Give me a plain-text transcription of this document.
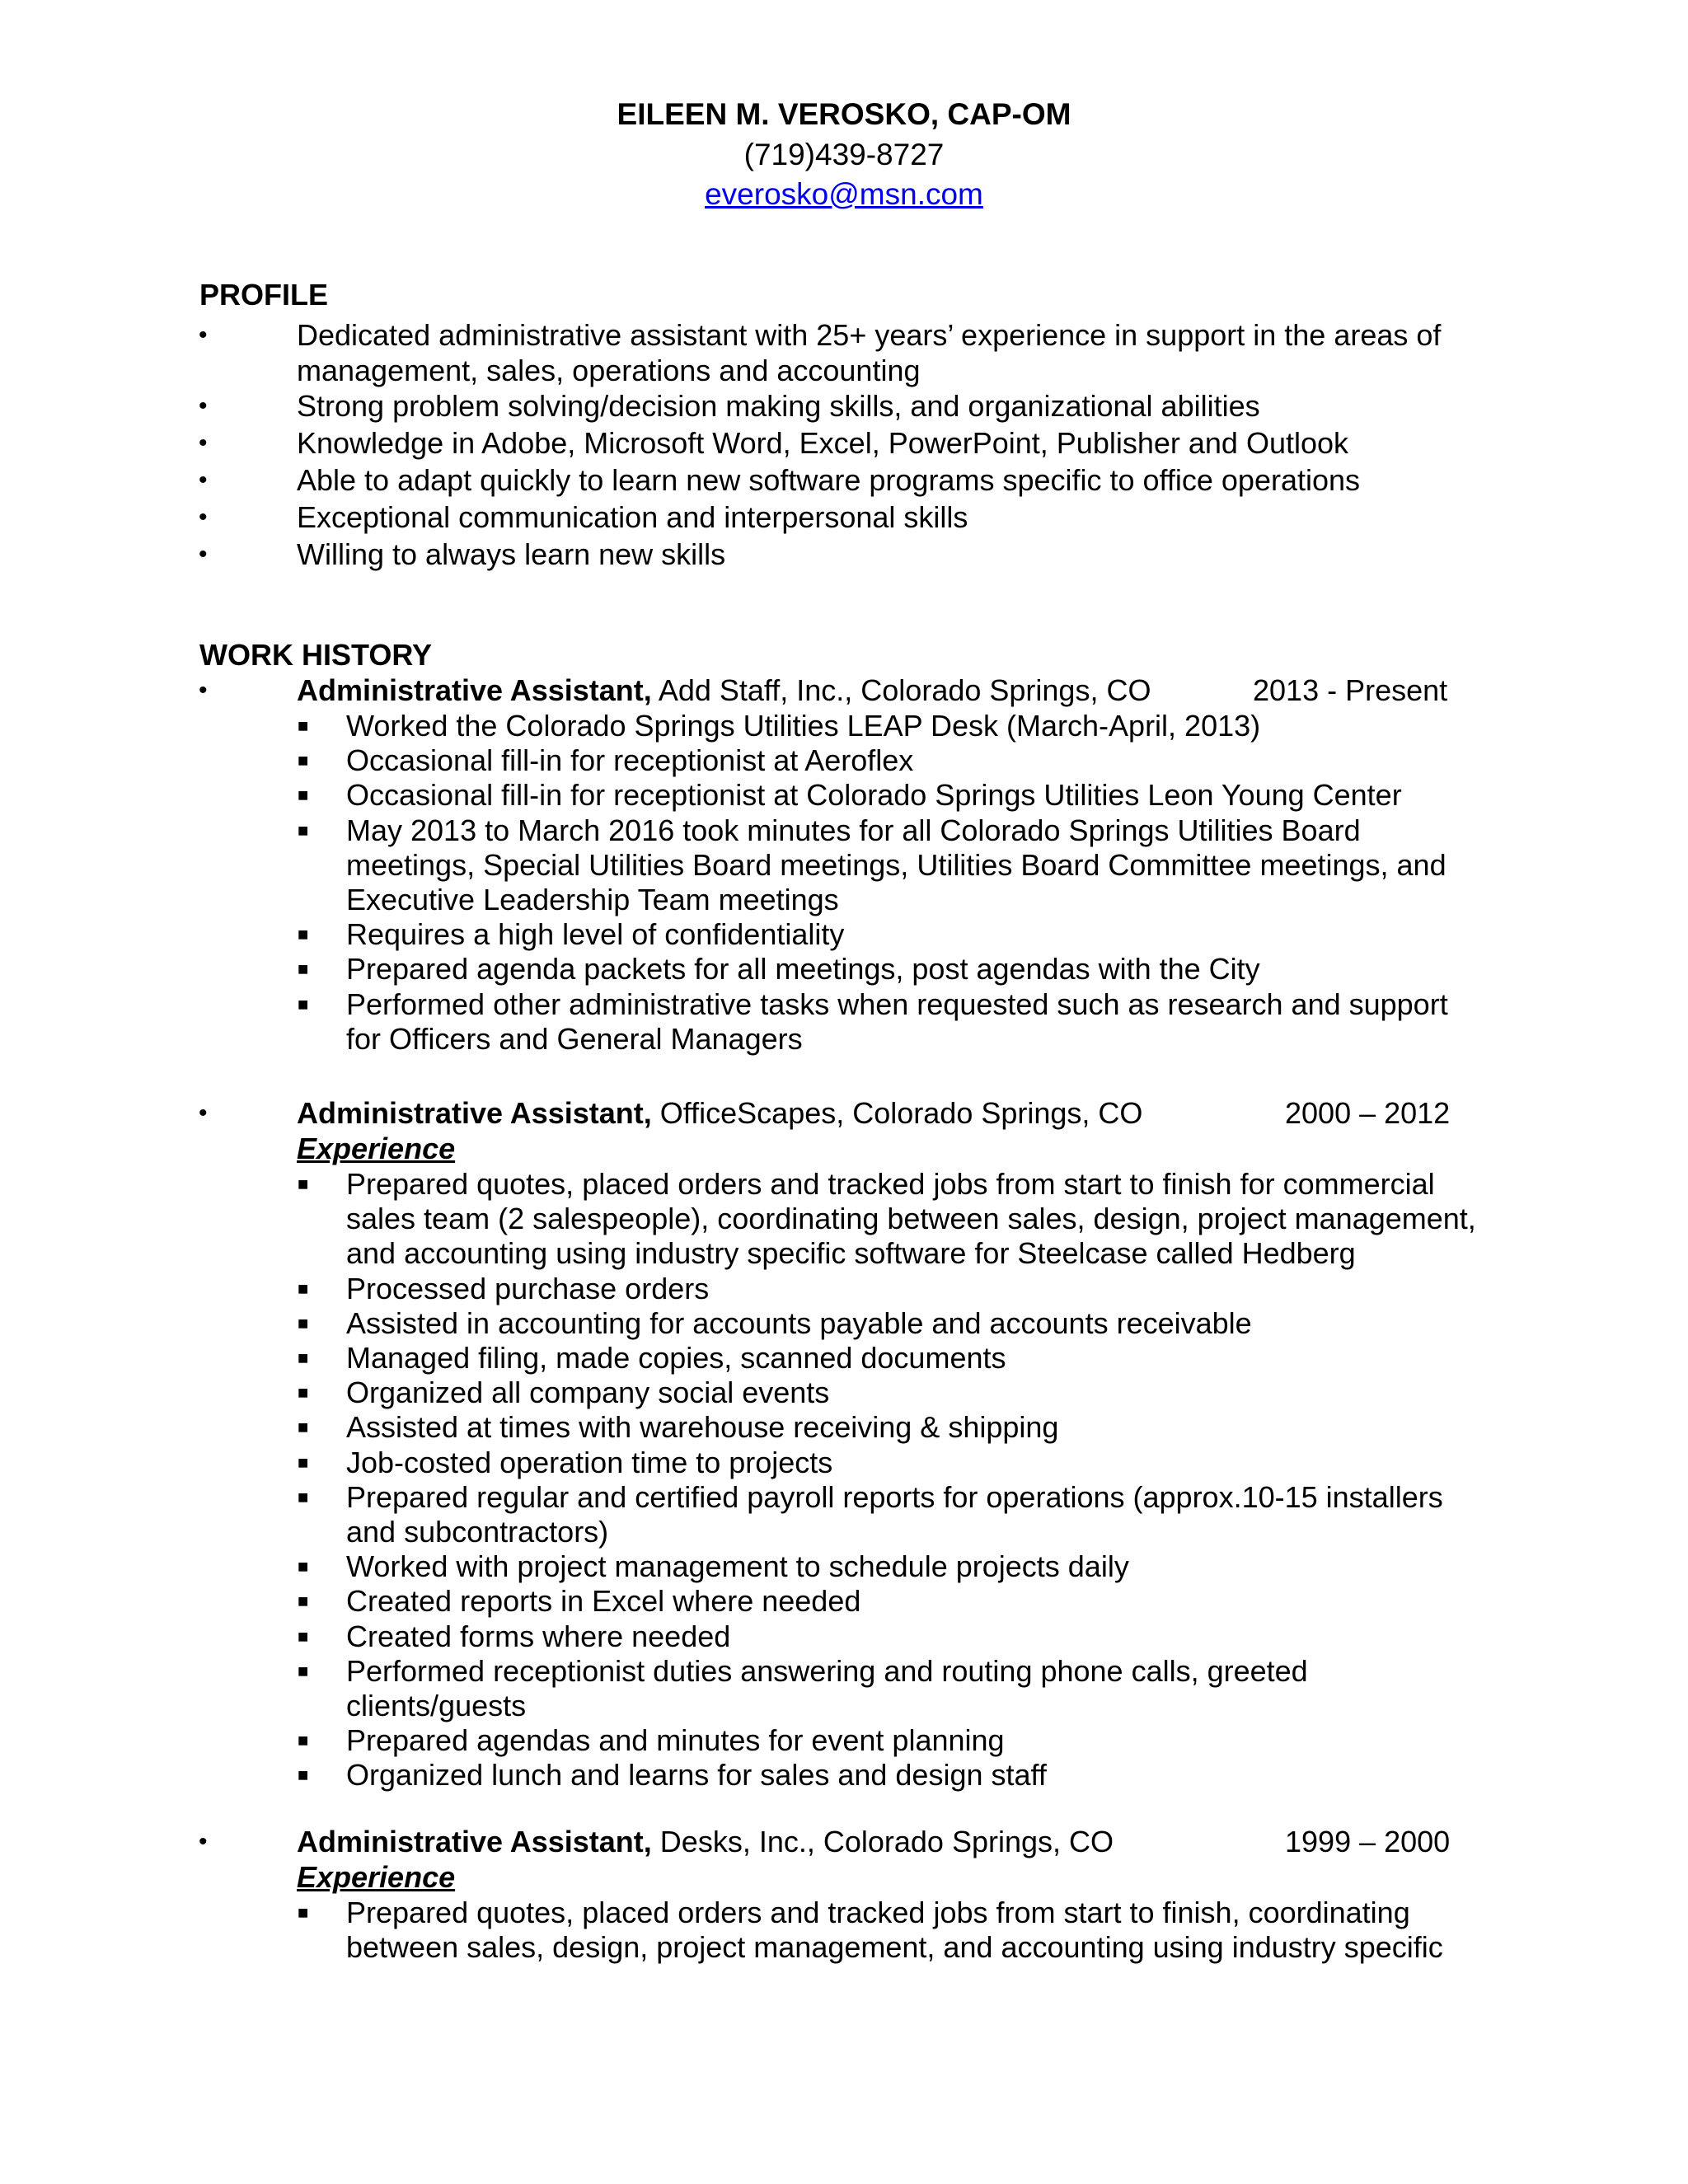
EILEEN M. VEROSKO, CAP-OM
(719)439-8727
everosko@msn.com
PROFILE
•	Dedicated administrative assistant with 25+ years’ experience in support in the areas of
management, sales, operations and accounting
•	Strong problem solving/decision making skills, and organizational abilities
•	Knowledge in Adobe, Microsoft Word, Excel, PowerPoint, Publisher and Outlook
•	Able to adapt quickly to learn new software programs specific to office operations
•	Exceptional communication and interpersonal skills
•	Willing to always learn new skills
WORK HISTORY
•	Administrative Assistant, Add Staff, Inc., Colorado Springs, CO	2013 - Present
■ Worked the Colorado Springs Utilities LEAP Desk (March-April, 2013)
■ Occasional fill-in for receptionist at Aeroflex
■ Occasional fill-in for receptionist at Colorado Springs Utilities Leon Young Center
■ May 2013 to March 2016 took minutes for all Colorado Springs Utilities Board
meetings, Special Utilities Board meetings, Utilities Board Committee meetings, and
Executive Leadership Team meetings
■ Requires a high level of confidentiality
■ Prepared agenda packets for all meetings, post agendas with the City
■ Performed other administrative tasks when requested such as research and support
for Officers and General Managers
•	Administrative Assistant, OfficeScapes, Colorado Springs, CO	2000 – 2012
Experience
■ Prepared quotes, placed orders and tracked jobs from start to finish for commercial
sales team (2 salespeople), coordinating between sales, design, project management,
and accounting using industry specific software for Steelcase called Hedberg
■ Processed purchase orders
■ Assisted in accounting for accounts payable and accounts receivable
■ Managed filing, made copies, scanned documents
■ Organized all company social events
■ Assisted at times with warehouse receiving & shipping
■ Job-costed operation time to projects
■ Prepared regular and certified payroll reports for operations (approx.10-15 installers
and subcontractors)
■ Worked with project management to schedule projects daily
■ Created reports in Excel where needed
■ Created forms where needed
■ Performed receptionist duties answering and routing phone calls, greeted
clients/guests
■ Prepared agendas and minutes for event planning
■ Organized lunch and learns for sales and design staff
•	Administrative Assistant, Desks, Inc., Colorado Springs, CO	1999 – 2000
Experience
■ Prepared quotes, placed orders and tracked jobs from start to finish, coordinating
between sales, design, project management, and accounting using industry specific
